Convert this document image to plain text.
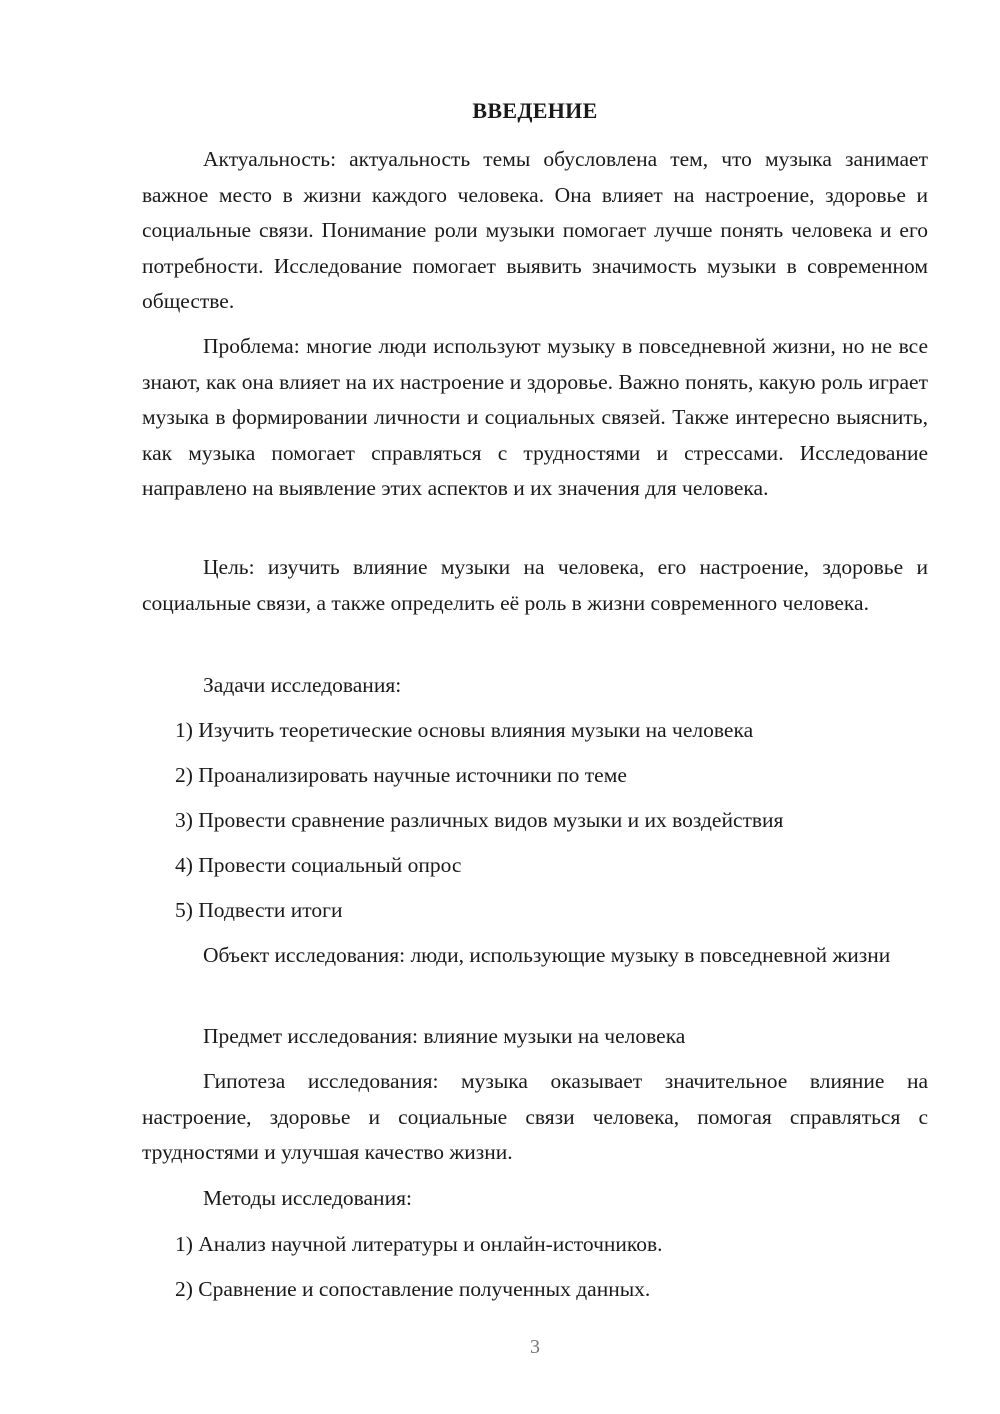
ВВЕДЕНИЕ

Актуальность: актуальность темы обусловлена тем, что музыка занимает важное место в жизни каждого человека. Она влияет на настроение, здоровье и социальные связи. Понимание роли музыки помогает лучше понять человека и его потребности. Исследование помогает выявить значимость музыки в современном обществе.

Проблема: многие люди используют музыку в повседневной жизни, но не все знают, как она влияет на их настроение и здоровье. Важно понять, какую роль играет музыка в формировании личности и социальных связей. Также интересно выяснить, как музыка помогает справляться с трудностями и стрессами. Исследование направлено на выявление этих аспектов и их значения для человека.

Цель: изучить влияние музыки на человека, его настроение, здоровье и социальные связи, а также определить её роль в жизни современного человека.

Задачи исследования:
1) Изучить теоретические основы влияния музыки на человека
2) Проанализировать научные источники по теме
3) Провести сравнение различных видов музыки и их воздействия
4) Провести социальный опрос
5) Подвести итоги

Объект исследования: люди, использующие музыку в повседневной жизни

Предмет исследования: влияние музыки на человека

Гипотеза исследования: музыка оказывает значительное влияние на настроение, здоровье и социальные связи человека, помогая справляться с трудностями и улучшая качество жизни.

Методы исследования:
1) Анализ научной литературы и онлайн-источников.
2) Сравнение и сопоставление полученных данных.
3
